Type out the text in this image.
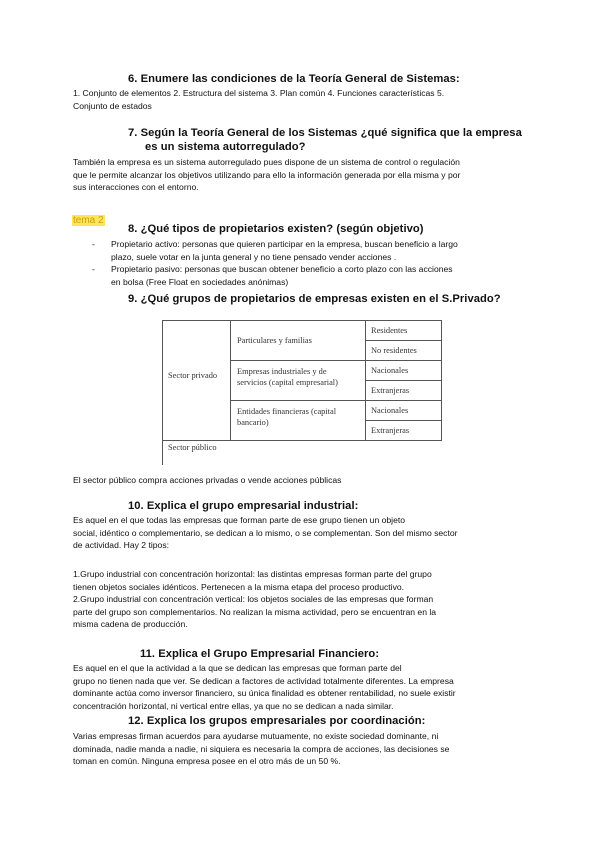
6. Enumere las condiciones de la Teoría General de Sistemas:
1. Conjunto de elementos 2. Estructura del sistema 3. Plan común 4. Funciones características 5.
Conjunto de estados
7. Según la Teoría General de los Sistemas ¿qué significa que la empresa
es un sistema autorregulado?
También la empresa es un sistema autorregulado pues dispone de un sistema de control o regulación
que le permite alcanzar los objetivos utilizando para ello la información generada por ella misma y por
sus interacciones con el entorno.
tema 2
8. ¿Qué tipos de propietarios existen? (según objetivo)
- Propietario activo: personas que quieren participar en la empresa, buscan beneficio a largo
plazo, suele votar en la junta general y no tiene pensado vender acciones .
- Propietario pasivo: personas que buscan obtener beneficio a corto plazo con las acciones
en bolsa (Free Float en sociedades anónimas)
9. ¿Qué grupos de propietarios de empresas existen en el S.Privado?
Sector privado
Sector público
Particulares y familias
Empresas industriales y de
servicios (capital empresarial)
Entidades financieras (capital
bancario)
Residentes
No residentes
Nacionales
Extranjeras
Nacionales
Extranjeras
El sector público compra acciones privadas o vende acciones públicas
10. Explica el grupo empresarial industrial:
Es aquel en el que todas las empresas que forman parte de ese grupo tienen un objeto
social, idéntico o complementario, se dedican a lo mismo, o se complementan. Son del mismo sector
de actividad. Hay 2 tipos:
1.Grupo industrial con concentración horizontal: las distintas empresas forman parte del grupo
tienen objetos sociales idénticos. Pertenecen a la misma etapa del proceso productivo.
2.Grupo industrial con concentración vertical: los objetos sociales de las empresas que forman
parte del grupo son complementarios. No realizan la misma actividad, pero se encuentran en la
misma cadena de producción.
11. Explica el Grupo Empresarial Financiero:
Es aquel en el que la actividad a la que se dedican las empresas que forman parte del
grupo no tienen nada que ver. Se dedican a factores de actividad totalmente diferentes. La empresa
dominante actúa como inversor financiero, su única finalidad es obtener rentabilidad, no suele existir
concentración horizontal, ni vertical entre ellas, ya que no se dedican a nada similar.
12. Explica los grupos empresariales por coordinación:
Varias empresas firman acuerdos para ayudarse mutuamente, no existe sociedad dominante, ni
dominada, nadie manda a nadie, ni siquiera es necesaria la compra de acciones, las decisiones se
toman en común. Ninguna empresa posee en el otro más de un 50 %.
